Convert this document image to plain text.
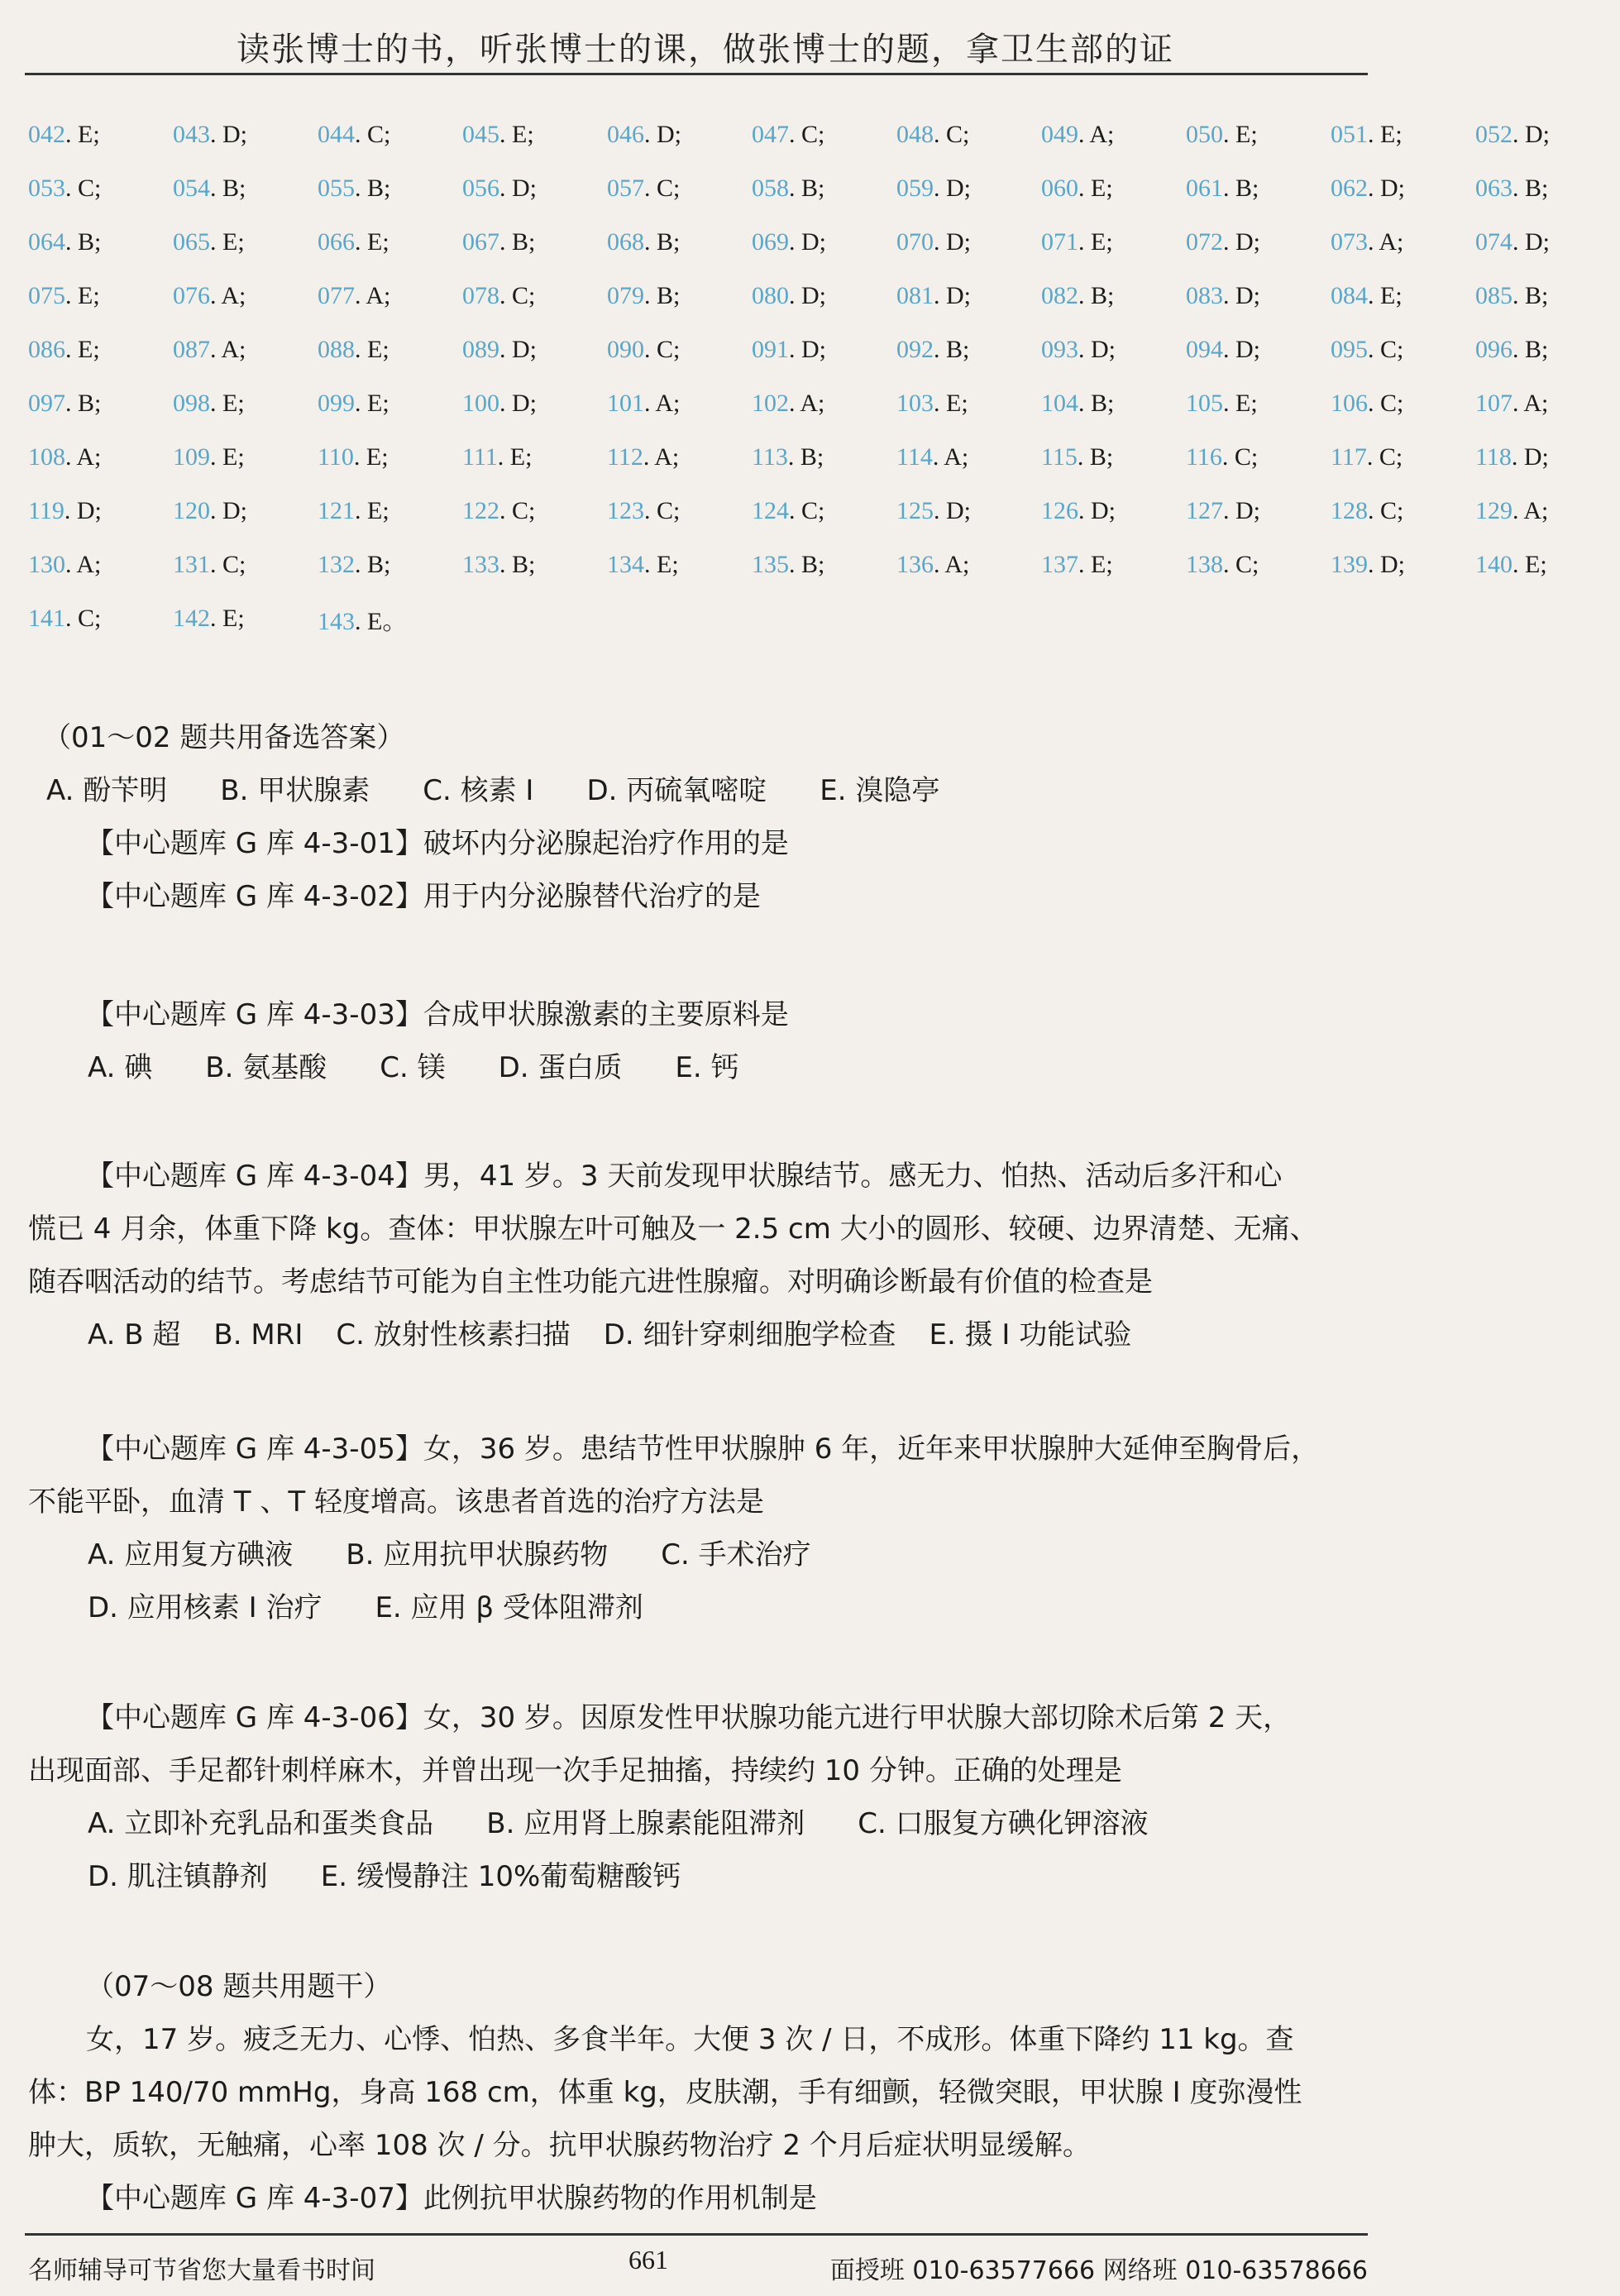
读张博士的书，听张博士的课，做张博士的题，拿卫生部的证
042. E;	043. D;	044. C;	045. E;	046. D;	047. C;	048. C;	049. A;	050. E;	051. E;	052. D;
053. C;	054. B;	055. B;	056. D;	057. C;	058. B;	059. D;	060. E;	061. B;	062. D;	063. B;
064. B;	065. E;	066. E;	067. B;	068. B;	069. D;	070. D;	071. E;	072. D;	073. A;	074. D;
075. E;	076. A;	077. A;	078. C;	079. B;	080. D;	081. D;	082. B;	083. D;	084. E;	085. B;
086. E;	087. A;	088. E;	089. D;	090. C;	091. D;	092. B;	093. D;	094. D;	095. C;	096. B;
097. B;	098. E;	099. E;	100. D;	101. A;	102. A;	103. E;	104. B;	105. E;	106. C;	107. A;
108. A;	109. E;	110. E;	111. E;	112. A;	113. B;	114. A;	115. B;	116. C;	117. C;	118. D;
119. D;	120. D;	121. E;	122. C;	123. C;	124. C;	125. D;	126. D;	127. D;	128. C;	129. A;
130. A;	131. C;	132. B;	133. B;	134. E;	135. B;	136. A;	137. E;	138. C;	139. D;	140. E;
141. C;	142. E;	143. E。
（01～02 题共用备选答案）
A. 酚苄明 B. 甲状腺素 C. 核素 I D. 丙硫氧嘧啶 E. 溴隐亭
【中心题库 G 库 4-3-01】破坏内分泌腺起治疗作用的是
【中心题库 G 库 4-3-02】用于内分泌腺替代治疗的是
【中心题库 G 库 4-3-03】合成甲状腺激素的主要原料是
A. 碘 B. 氨基酸 C. 镁 D. 蛋白质 E. 钙
【中心题库 G 库 4-3-04】男，41 岁。3 天前发现甲状腺结节。感无力、怕热、活动后多汗和心
慌已 4 月余，体重下降 kg。查体：甲状腺左叶可触及一 2.5 cm 大小的圆形、较硬、边界清楚、无痛、
随吞咽活动的结节。考虑结节可能为自主性功能亢进性腺瘤。对明确诊断最有价值的检查是
A. B 超 B. MRI C. 放射性核素扫描 D. 细针穿刺细胞学检查 E. 摄 I 功能试验
【中心题库 G 库 4-3-05】女，36 岁。患结节性甲状腺肿 6 年，近年来甲状腺肿大延伸至胸骨后，
不能平卧，血清 T 、T 轻度增高。该患者首选的治疗方法是
A. 应用复方碘液 B. 应用抗甲状腺药物 C. 手术治疗
D. 应用核素 I 治疗 E. 应用 β 受体阻滞剂
【中心题库 G 库 4-3-06】女，30 岁。因原发性甲状腺功能亢进行甲状腺大部切除术后第 2 天，
出现面部、手足都针刺样麻木，并曾出现一次手足抽搐，持续约 10 分钟。正确的处理是
A. 立即补充乳品和蛋类食品 B. 应用肾上腺素能阻滞剂 C. 口服复方碘化钾溶液
D. 肌注镇静剂 E. 缓慢静注 10%葡萄糖酸钙
（07～08 题共用题干）
女，17 岁。疲乏无力、心悸、怕热、多食半年。大便 3 次 / 日，不成形。体重下降约 11 kg。查
体：BP 140/70 mmHg，身高 168 cm，体重 kg，皮肤潮，手有细颤，轻微突眼，甲状腺 I 度弥漫性
肿大，质软，无触痛，心率 108 次 / 分。抗甲状腺药物治疗 2 个月后症状明显缓解。
【中心题库 G 库 4-3-07】此例抗甲状腺药物的作用机制是
名师辅导可节省您大量看书时间	661	面授班 010-63577666 网络班 010-63578666
